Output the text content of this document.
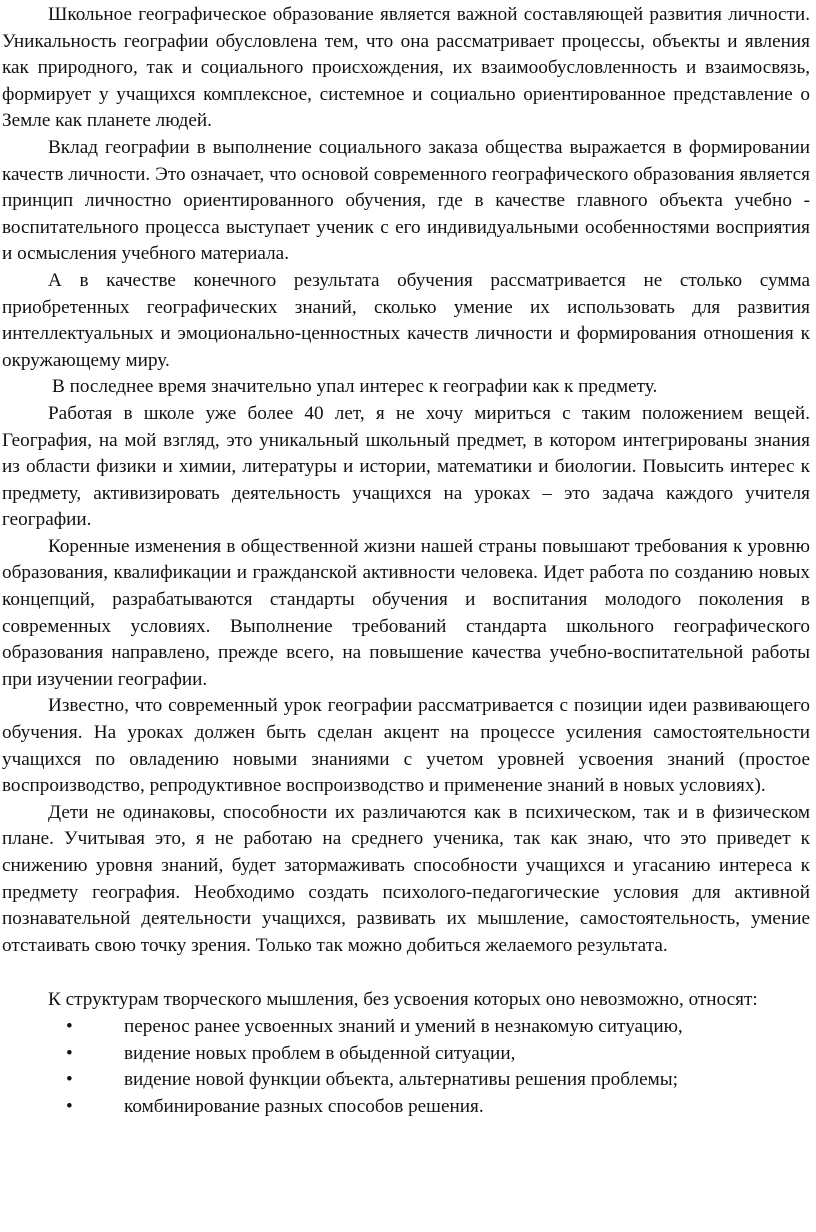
Школьное географическое образование является важной составляющей развития личности. Уникальность географии обусловлена тем, что она рассматривает процессы, объекты и явления как природного, так и социального происхождения, их взаимообусловленность и взаимосвязь, формирует у учащихся комплексное, системное и социально ориентированное представление о Земле как планете людей.

Вклад географии в выполнение социального заказа общества выражается в формировании качеств личности. Это означает, что основой современного географического образования является принцип личностно ориентированного обучения, где в качестве главного объекта учебно - воспитательного процесса выступает ученик с его индивидуальными особенностями восприятия и осмысления учебного материала.

А в качестве конечного результата обучения рассматривается не столько сумма приобретенных географических знаний, сколько умение их использовать для развития интеллектуальных и эмоционально-ценностных качеств личности и формирования отношения к окружающему миру.

В последнее время значительно упал интерес к географии как к предмету.

Работая в школе уже более 40 лет, я не хочу мириться с таким положением вещей. География, на мой взгляд, это уникальный школьный предмет, в котором интегрированы знания из области физики и химии, литературы и истории, математики и биологии. Повысить интерес к предмету, активизировать деятельность учащихся на уроках – это задача каждого учителя географии.

Коренные изменения в общественной жизни нашей страны повышают требования к уровню образования, квалификации и гражданской активности человека. Идет работа по созданию новых концепций, разрабатываются стандарты обучения и воспитания молодого поколения в современных условиях. Выполнение требований стандарта школьного географического образования направлено, прежде всего, на повышение качества учебно-воспитательной работы при изучении географии.

Известно, что современный урок географии рассматривается с позиции идеи развивающего обучения. На уроках должен быть сделан акцент на процессе усиления самостоятельности учащихся по овладению новыми знаниями с учетом уровней усвоения знаний (простое воспроизводство, репродуктивное воспроизводство и применение знаний в новых условиях).

Дети не одинаковы, способности их различаются как в психическом, так и в физическом плане. Учитывая это, я не работаю на среднего ученика, так как знаю, что это приведет к снижению уровня знаний, будет затормаживать способности учащихся и угасанию интереса к предмету география. Необходимо создать психолого-педагогические условия для активной познавательной деятельности учащихся, развивать их мышление, самостоятельность, умение отстаивать свою точку зрения. Только так можно добиться желаемого результата.

К структурам творческого мышления, без усвоения которых оно невозможно, относят:

•	перенос ранее усвоенных знаний и умений в незнакомую ситуацию,
•	видение новых проблем в обыденной ситуации,
•	видение новой функции объекта, альтернативы решения проблемы;
•	комбинирование разных способов решения.
